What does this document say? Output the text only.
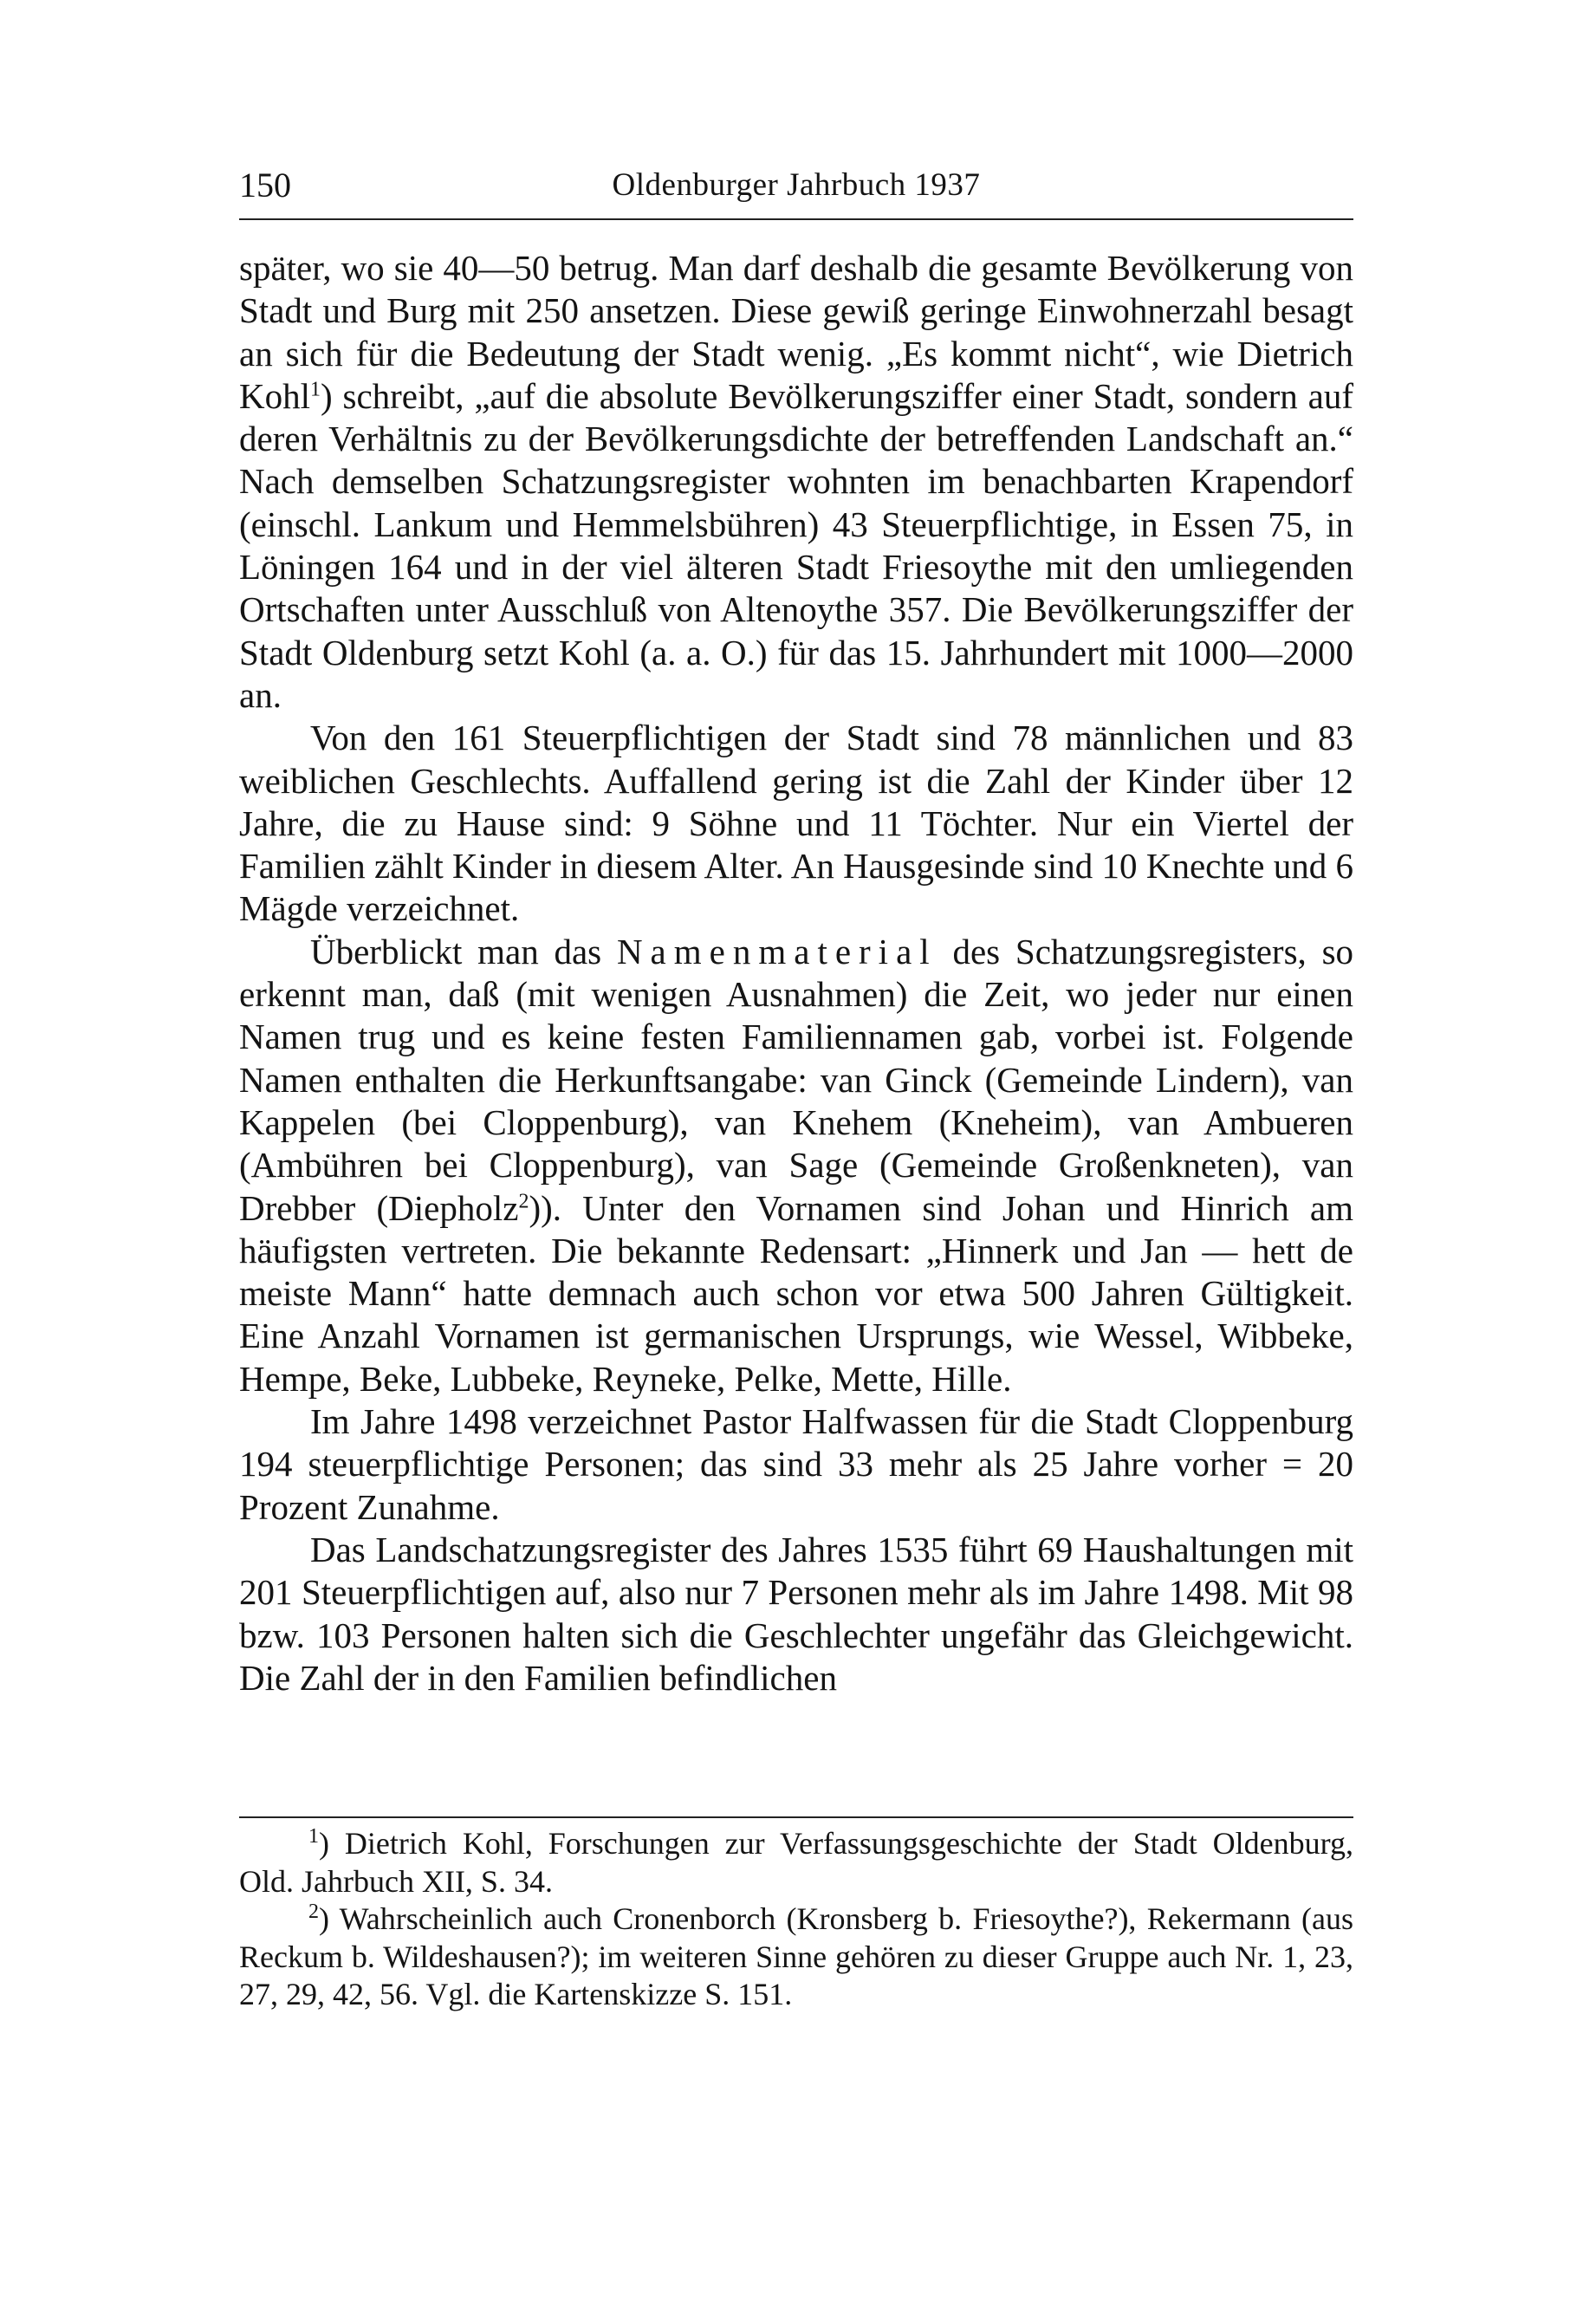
150	Oldenburger Jahrbuch 1937

später, wo sie 40—50 betrug. Man darf deshalb die gesamte Bevölkerung von Stadt und Burg mit 250 ansetzen. Diese gewiß geringe Einwohnerzahl besagt an sich für die Bedeutung der Stadt wenig. „Es kommt nicht“, wie Dietrich Kohl$^1$) schreibt, „auf die absolute Bevölkerungsziffer einer Stadt, sondern auf deren Verhältnis zu der Bevölkerungsdichte der betreffenden Landschaft an.“ Nach demselben Schatzungsregister wohnten im benachbarten Krapendorf (einschl. Lankum und Hemmelsbühren) 43 Steuerpflichtige, in Essen 75, in Löningen 164 und in der viel älteren Stadt Friesoythe mit den umliegenden Ortschaften unter Ausschluß von Altenoythe 357. Die Bevölkerungsziffer der Stadt Oldenburg setzt Kohl (a. a. O.) für das 15. Jahrhundert mit 1000—2000 an.

Von den 161 Steuerpflichtigen der Stadt sind 78 männlichen und 83 weiblichen Geschlechts. Auffallend gering ist die Zahl der Kinder über 12 Jahre, die zu Hause sind: 9 Söhne und 11 Töchter. Nur ein Viertel der Familien zählt Kinder in diesem Alter. An Hausgesinde sind 10 Knechte und 6 Mägde verzeichnet.

Überblickt man das Namenmaterial des Schatzungsregisters, so erkennt man, daß (mit wenigen Ausnahmen) die Zeit, wo jeder nur einen Namen trug und es keine festen Familiennamen gab, vorbei ist. Folgende Namen enthalten die Herkunftsangabe: van Ginck (Gemeinde Lindern), van Kappelen (bei Cloppenburg), van Knehem (Kneheim), van Ambueren (Ambühren bei Cloppenburg), van Sage (Gemeinde Großenkneten), van Drebber (Diepholz$^2$)). Unter den Vornamen sind Johan und Hinrich am häufigsten vertreten. Die bekannte Redensart: „Hinnerk und Jan — hett de meiste Mann“ hatte demnach auch schon vor etwa 500 Jahren Gültigkeit. Eine Anzahl Vornamen ist germanischen Ursprungs, wie Wessel, Wibbeke, Hempe, Beke, Lubbeke, Reyneke, Pelke, Mette, Hille.

Im Jahre 1498 verzeichnet Pastor Halfwassen für die Stadt Cloppenburg 194 steuerpflichtige Personen; das sind 33 mehr als 25 Jahre vorher = 20 Prozent Zunahme.

Das Landschatzungsregister des Jahres 1535 führt 69 Haushaltungen mit 201 Steuerpflichtigen auf, also nur 7 Personen mehr als im Jahre 1498. Mit 98 bzw. 103 Personen halten sich die Geschlechter ungefähr das Gleichgewicht. Die Zahl der in den Familien befindlichen

$^1$) Dietrich Kohl, Forschungen zur Verfassungsgeschichte der Stadt Oldenburg, Old. Jahrbuch XII, S. 34.

$^2$) Wahrscheinlich auch Cronenborch (Kronsberg b. Friesoythe?), Rekermann (aus Reckum b. Wildeshausen?); im weiteren Sinne gehören zu dieser Gruppe auch Nr. 1, 23, 27, 29, 42, 56. Vgl. die Kartenskizze S. 151.
